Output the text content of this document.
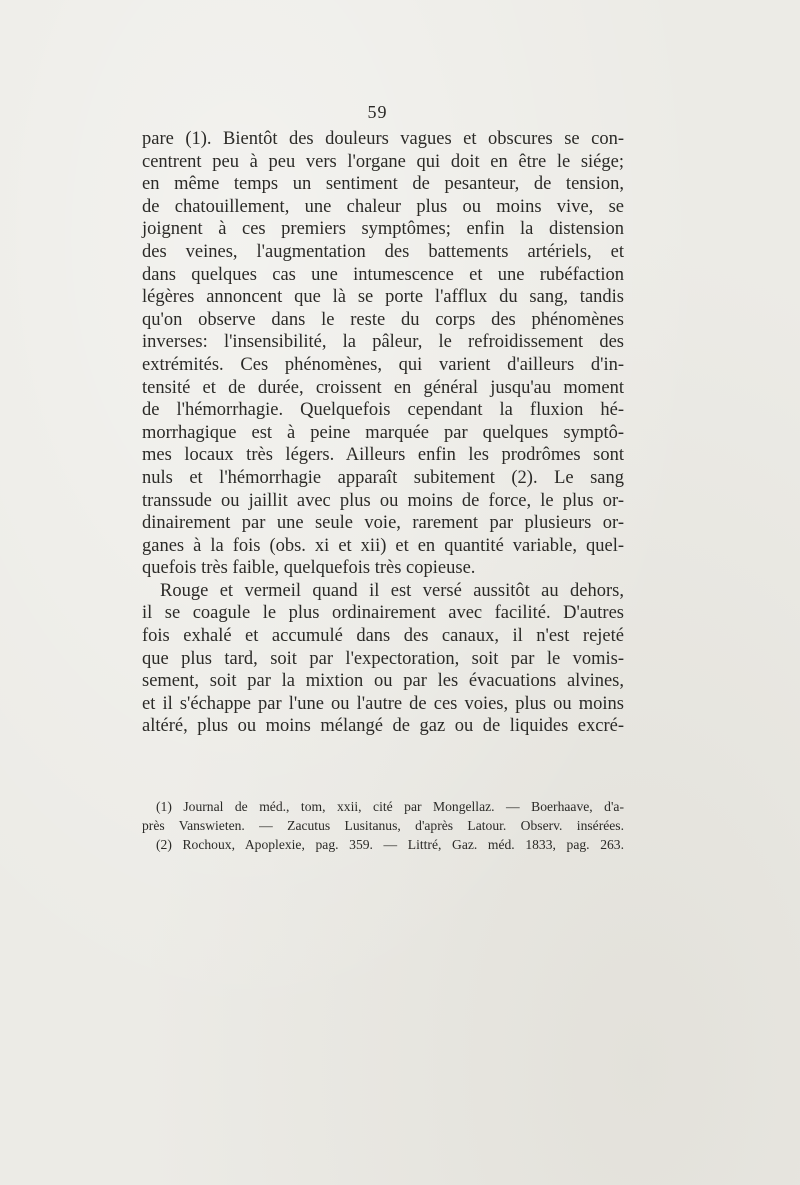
59
pare (1). Bientôt des douleurs vagues et obscures se con-
centrent peu à peu vers l'organe qui doit en être le siége;
en même temps un sentiment de pesanteur, de tension,
de chatouillement, une chaleur plus ou moins vive, se
joignent à ces premiers symptômes; enfin la distension
des veines, l'augmentation des battements artériels, et
dans quelques cas une intumescence et une rubéfaction
légères annoncent que là se porte l'afflux du sang, tandis
qu'on observe dans le reste du corps des phénomènes
inverses: l'insensibilité, la pâleur, le refroidissement des
extrémités. Ces phénomènes, qui varient d'ailleurs d'in-
tensité et de durée, croissent en général jusqu'au moment
de l'hémorrhagie. Quelquefois cependant la fluxion hé-
morrhagique est à peine marquée par quelques symptô-
mes locaux très légers. Ailleurs enfin les prodrômes sont
nuls et l'hémorrhagie apparaît subitement (2). Le sang
transsude ou jaillit avec plus ou moins de force, le plus or-
dinairement par une seule voie, rarement par plusieurs or-
ganes à la fois (obs. xi et xii) et en quantité variable, quel-
quefois très faible, quelquefois très copieuse.
Rouge et vermeil quand il est versé aussitôt au dehors,
il se coagule le plus ordinairement avec facilité. D'autres
fois exhalé et accumulé dans des canaux, il n'est rejeté
que plus tard, soit par l'expectoration, soit par le vomis-
sement, soit par la mixtion ou par les évacuations alvines,
et il s'échappe par l'une ou l'autre de ces voies, plus ou moins
altéré, plus ou moins mélangé de gaz ou de liquides excré-
(1) Journal de méd., tom, xxii, cité par Mongellaz. — Boerhaave, d'a-
près Vanswieten. — Zacutus Lusitanus, d'après Latour. Observ. insérées.
(2) Rochoux, Apoplexie, pag. 359. — Littré, Gaz. méd. 1833, pag. 263.
